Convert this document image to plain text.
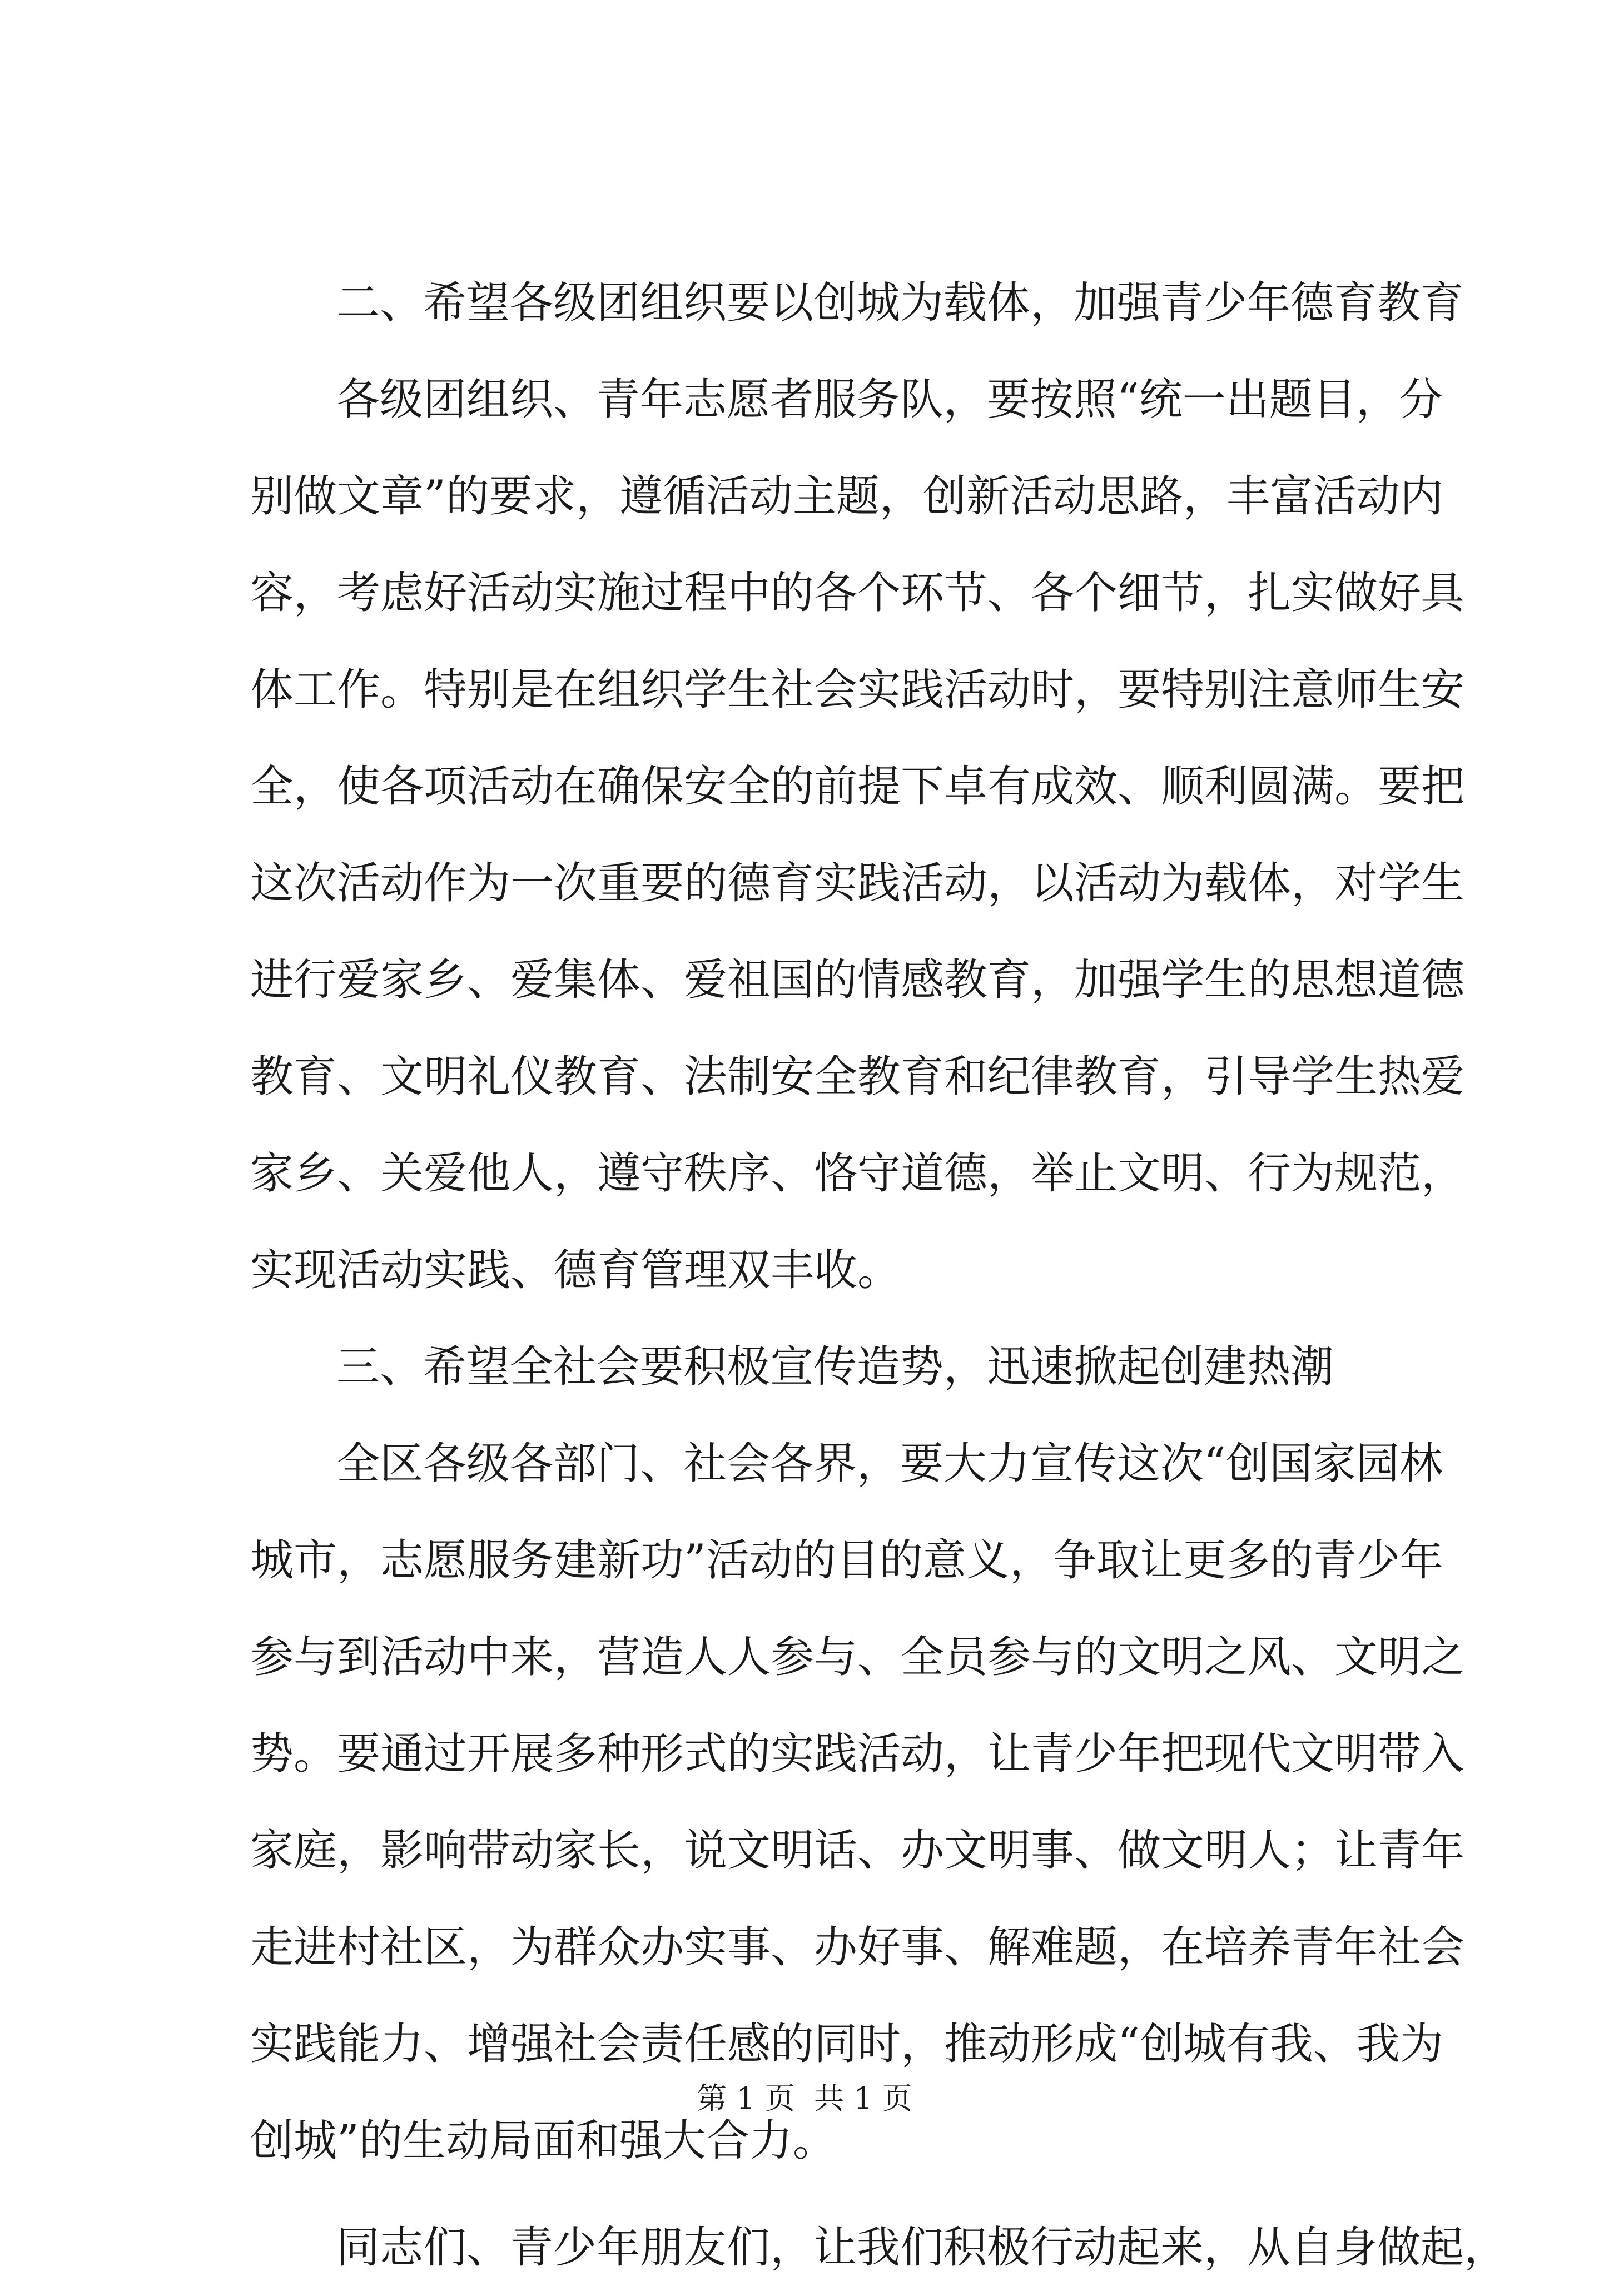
二、希望各级团组织要以创城为载体，加强青少年德育教育
各级团组织、青年志愿者服务队，要按照“统一出题目，分
别做文章”的要求，遵循活动主题，创新活动思路，丰富活动内
容，考虑好活动实施过程中的各个环节、各个细节，扎实做好具
体工作。特别是在组织学生社会实践活动时，要特别注意师生安
全，使各项活动在确保安全的前提下卓有成效、顺利圆满。要把
这次活动作为一次重要的德育实践活动，以活动为载体，对学生
进行爱家乡、爱集体、爱祖国的情感教育，加强学生的思想道德
教育、文明礼仪教育、法制安全教育和纪律教育，引导学生热爱
家乡、关爱他人，遵守秩序、恪守道德，举止文明、行为规范，
实现活动实践、德育管理双丰收。
三、希望全社会要积极宣传造势，迅速掀起创建热潮
全区各级各部门、社会各界，要大力宣传这次“创国家园林
城市，志愿服务建新功”活动的目的意义，争取让更多的青少年
参与到活动中来，营造人人参与、全员参与的文明之风、文明之
势。要通过开展多种形式的实践活动，让青少年把现代文明带入
家庭，影响带动家长，说文明话、办文明事、做文明人；让青年
走进村社区，为群众办实事、办好事、解难题，在培养青年社会
实践能力、增强社会责任感的同时，推动形成“创城有我、我为
创城”的生动局面和强大合力。
同志们、青少年朋友们，让我们积极行动起来，从自身做起，
第 1 页  共 1 页
